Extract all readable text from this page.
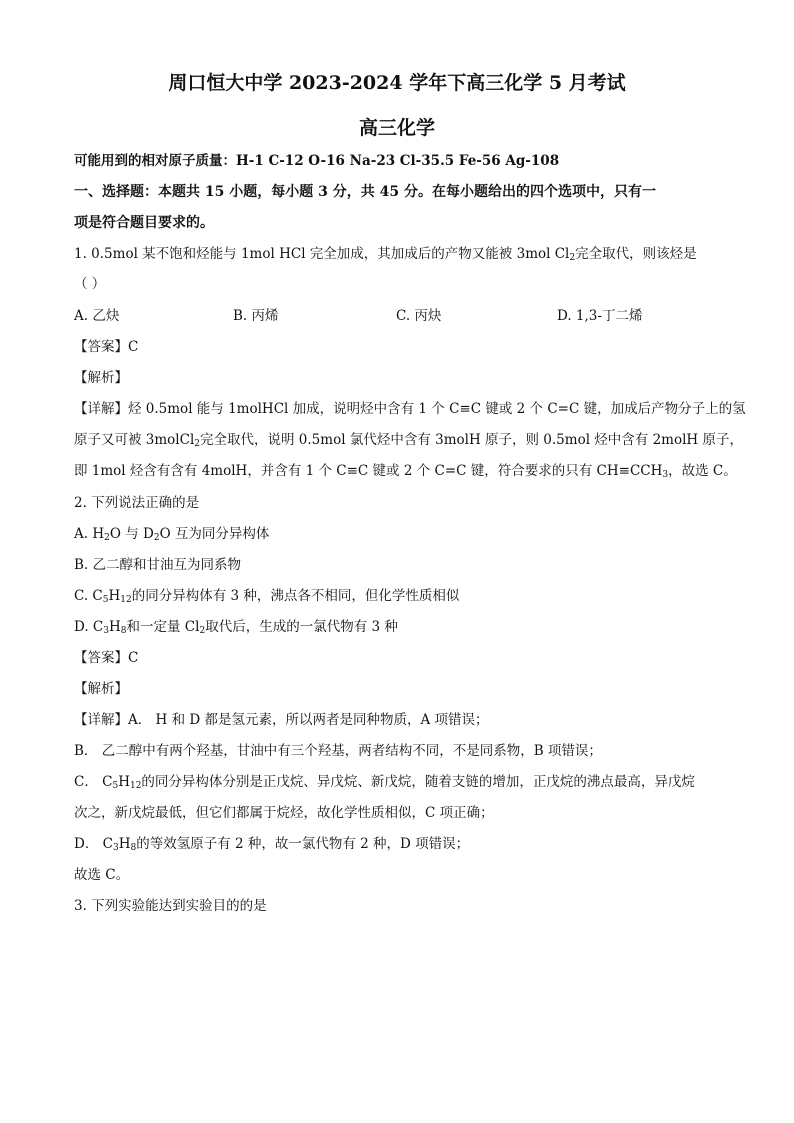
周口恒大中学 2023-2024 学年下高三化学 5 月考试
高三化学
可能用到的相对原子质量：H-1 C-12 O-16 Na-23 Cl-35.5 Fe-56 Ag-108
一、选择题：本题共 15 小题，每小题 3 分，共 45 分。在每小题给出的四个选项中，只有一
项是符合题目要求的。
1. 0.5mol 某不饱和烃能与 1mol HCl 完全加成，其加成后的产物又能被 3mol $Cl_2$完全取代，则该烃是
（ ）
A. 乙炔	B. 丙烯	C. 丙炔	D. 1,3-丁二烯
【答案】C
【解析】
【详解】烃 0.5mol 能与 1molHCl 加成，说明烃中含有 1 个 C≡C 键或 2 个 C=C 键，加成后产物分子上的氢
原子又可被 3molCl$_2$完全取代，说明 0.5mol 氯代烃中含有 3molH 原子，则 0.5mol 烃中含有 2molH 原子，
即 1mol 烃含有含有 4molH，并含有 1 个 C≡C 键或 2 个 C=C 键，符合要求的只有 $CH\equiv CCH_3$，故选 C。
2. 下列说法正确的是
A. $H_2O$ 与 $D_2O$ 互为同分异构体
B. 乙二醇和甘油互为同系物
C. $C_5H_{12}$的同分异构体有 3 种，沸点各不相同，但化学性质相似
D. $C_3H_8$和一定量 $Cl_2$取代后，生成的一氯代物有 3 种
【答案】C
【解析】
【详解】A． H 和 D 都是氢元素，所以两者是同种物质，A 项错误；
B． 乙二醇中有两个羟基，甘油中有三个羟基，两者结构不同，不是同系物，B 项错误；
C． $C_5H_{12}$的同分异构体分别是正戊烷、异戊烷、新戊烷，随着支链的增加，正戊烷的沸点最高，异戊烷
次之，新戊烷最低，但它们都属于烷烃，故化学性质相似，C 项正确；
D． $C_3H_8$的等效氢原子有 2 种，故一氯代物有 2 种，D 项错误；
故选 C。
3. 下列实验能达到实验目的的是
